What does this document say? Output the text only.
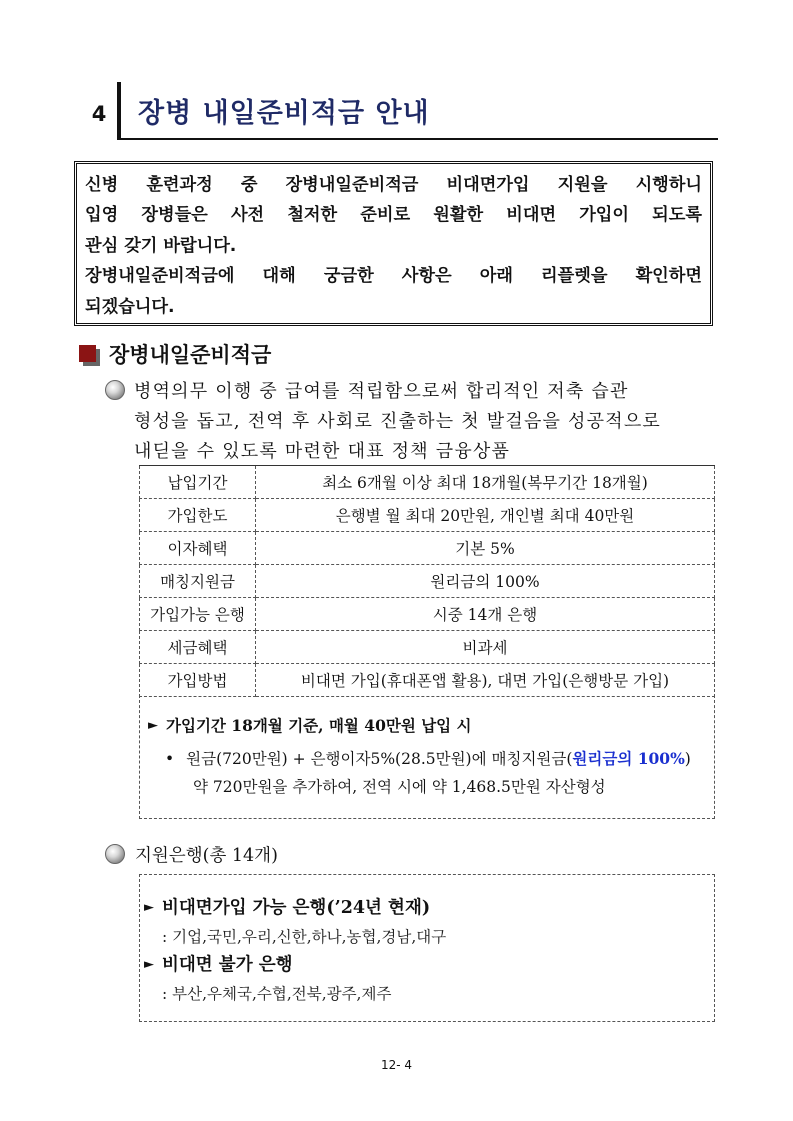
4 장병 내일준비적금 안내

신병 훈련과정 중 장병내일준비적금 비대면가입 지원을 시행하니

입영 장병들은 사전 철저한 준비로 원활한 비대면 가입이 되도록

관심 갖기 바랍니다.

장병내일준비적금에 대해 궁금한 사항은 아래 리플렛을 확인하면

되겠습니다.

장병내일준비적금
병역의무 이행 중 급여를 적립함으로써 합리적인 저축 습관
형성을 돕고, 전역 후 사회로 진출하는 첫 발걸음을 성공적으로
내딛을 수 있도록 마련한 대표 정책 금융상품
납입기간	최소 6개월 이상 최대 18개월(복무기간 18개월)
가입한도	은행별 월 최대 20만원, 개인별 최대 40만원
이자혜택	기본 5%
매칭지원금	원리금의 100%
가입가능 은행	시중 14개 은행
세금혜택	비과세
가입방법	비대면 가입(휴대폰앱 활용), 대면 가입(은행방문 가입)
► 가입기간 18개월 기준, 매월 40만원 납입 시
• 원금(720만원) + 은행이자5%(28.5만원)에 매칭지원금(원리금의 100%)
약 720만원을 추가하여, 전역 시에 약 1,468.5만원 자산형성
지원은행(총 14개)
► 비대면가입 가능 은행(’24년 현재)
: 기업,국민,우리,신한,하나,농협,경남,대구
► 비대면 불가 은행
: 부산,우체국,수협,전북,광주,제주
12- 4
